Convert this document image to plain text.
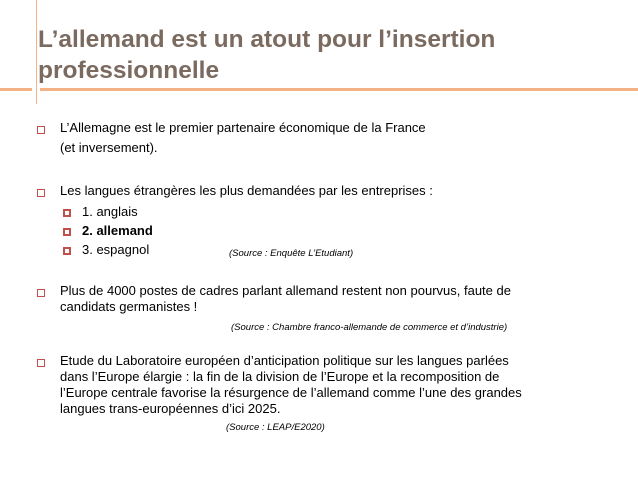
L’allemand est un atout pour l’insertion
professionnelle
L’Allemagne est le premier partenaire économique de la France
(et inversement).
Les langues étrangères les plus demandées par les entreprises :
1. anglais
2. allemand
3. espagnol	(Source : Enquête L’Etudiant)
Plus de 4000 postes de cadres parlant allemand restent non pourvus, faute de
candidats germanistes !
(Source : Chambre franco-allemande de commerce et d’industrie)
Etude du Laboratoire européen d’anticipation politique sur les langues parlées
dans l’Europe élargie : la fin de la division de l’Europe et la recomposition de
l’Europe centrale favorise la résurgence de l’allemand comme l’une des grandes
langues trans-européennes d’ici 2025.
(Source : LEAP/E2020)
